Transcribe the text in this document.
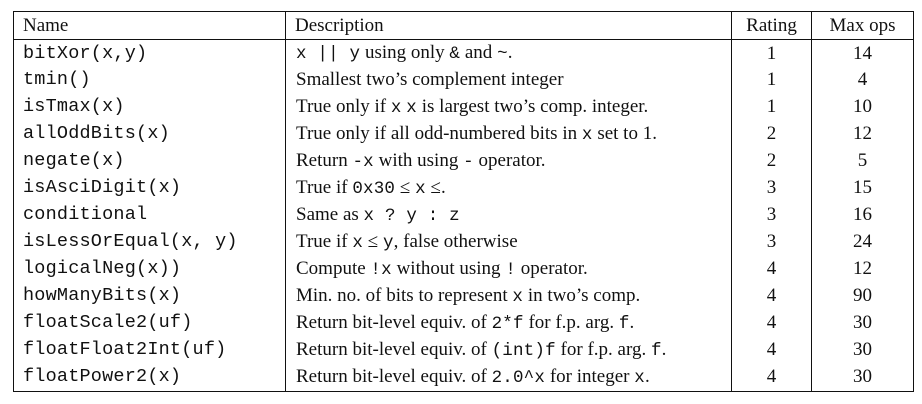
Name	Description	Rating	Max ops
bitXor(x,y)	x || y using only & and ~.	1	14
tmin()	Smallest two’s complement integer	1	4
isTmax(x)	True only if x x is largest two’s comp. integer.	1	10
allOddBits(x)	True only if all odd-numbered bits in x set to 1.	2	12
negate(x)	Return -x with using - operator.	2	5
isAsciDigit(x)	True if 0x30 ≤ x ≤.	3	15
conditional	Same as x ? y : z	3	16
isLessOrEqual(x, y)	True if x ≤ y, false otherwise	3	24
logicalNeg(x))	Compute !x without using ! operator.	4	12
howManyBits(x)	Min. no. of bits to represent x in two’s comp.	4	90
floatScale2(uf)	Return bit-level equiv. of 2*f for f.p. arg. f.	4	30
floatFloat2Int(uf)	Return bit-level equiv. of (int)f for f.p. arg. f.	4	30
floatPower2(x)	Return bit-level equiv. of 2.0^x for integer x.	4	30
